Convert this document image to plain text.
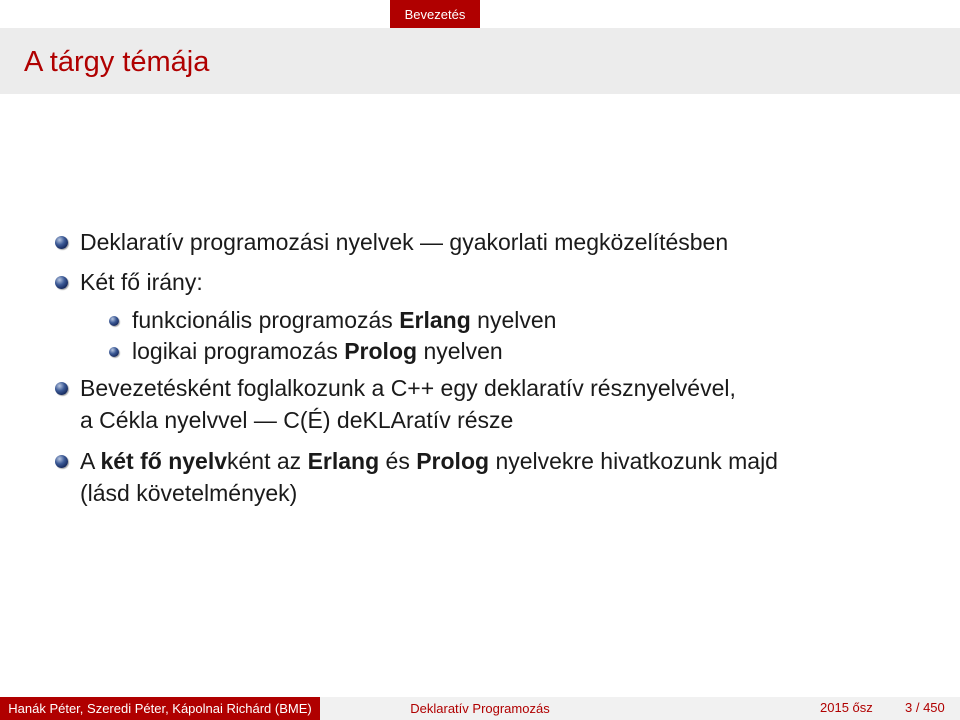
Bevezetés
A tárgy témája
Deklaratív programozási nyelvek — gyakorlati megközelítésben
Két fő irány:
funkcionális programozás Erlang nyelven
logikai programozás Prolog nyelven
Bevezetésként foglalkozunk a C++ egy deklaratív résznyelvével,
a Cékla nyelvvel — C(É) deKLAratív része
A két fő nyelvként az Erlang és Prolog nyelvekre hivatkozunk majd
(lásd követelmények)
Hanák Péter, Szeredi Péter, Kápolnai Richárd (BME)	Deklaratív Programozás	2015 ősz 3 / 450
